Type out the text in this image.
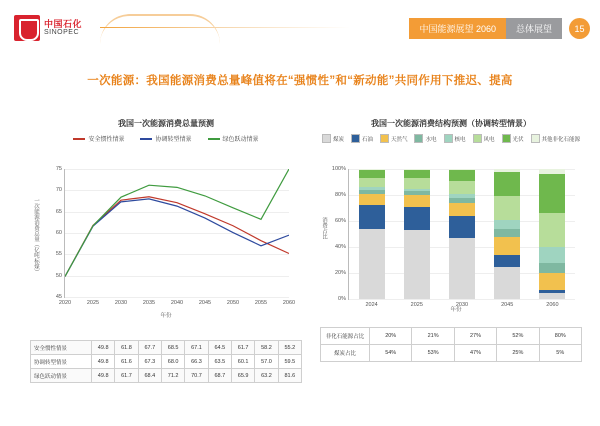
中国石化
SINOPEC	中国能源展望 2060	总体展望	15
一次能源：我国能源消费总量峰值将在“强惯性”和“新动能”共同作用下推迟、提高
我国一次能源消费总量预测
安全惯性情景	协调转型情景	绿色跃动情景
一次能源消费总量（亿吨标煤）
45
50
55
60
65
70
75
2020	2025	2030	2035	2040	2045	2050	2055	2060
年份
安全惯性情景	49.8	61.8	67.7	68.5	67.1	64.5	61.7	58.2	55.2
协调转型情景	49.8	61.6	67.3	68.0	66.3	63.5	60.1	57.0	59.5
绿色跃动情景	49.8	61.7	68.4	71.2	70.7	68.7	65.9	63.2	81.6
我国一次能源消费结构预测（协调转型情景）
煤炭	石油	天然气	水电	核电	风电	光伏	其他非化石能源
消费占比
0%
20%
40%
60%
80%
100%
2024	2025	2030	2045	2060
年份
非化石能源占比	20%	21%	27%	52%	80%
煤炭占比	54%	53%	47%	25%	5%
